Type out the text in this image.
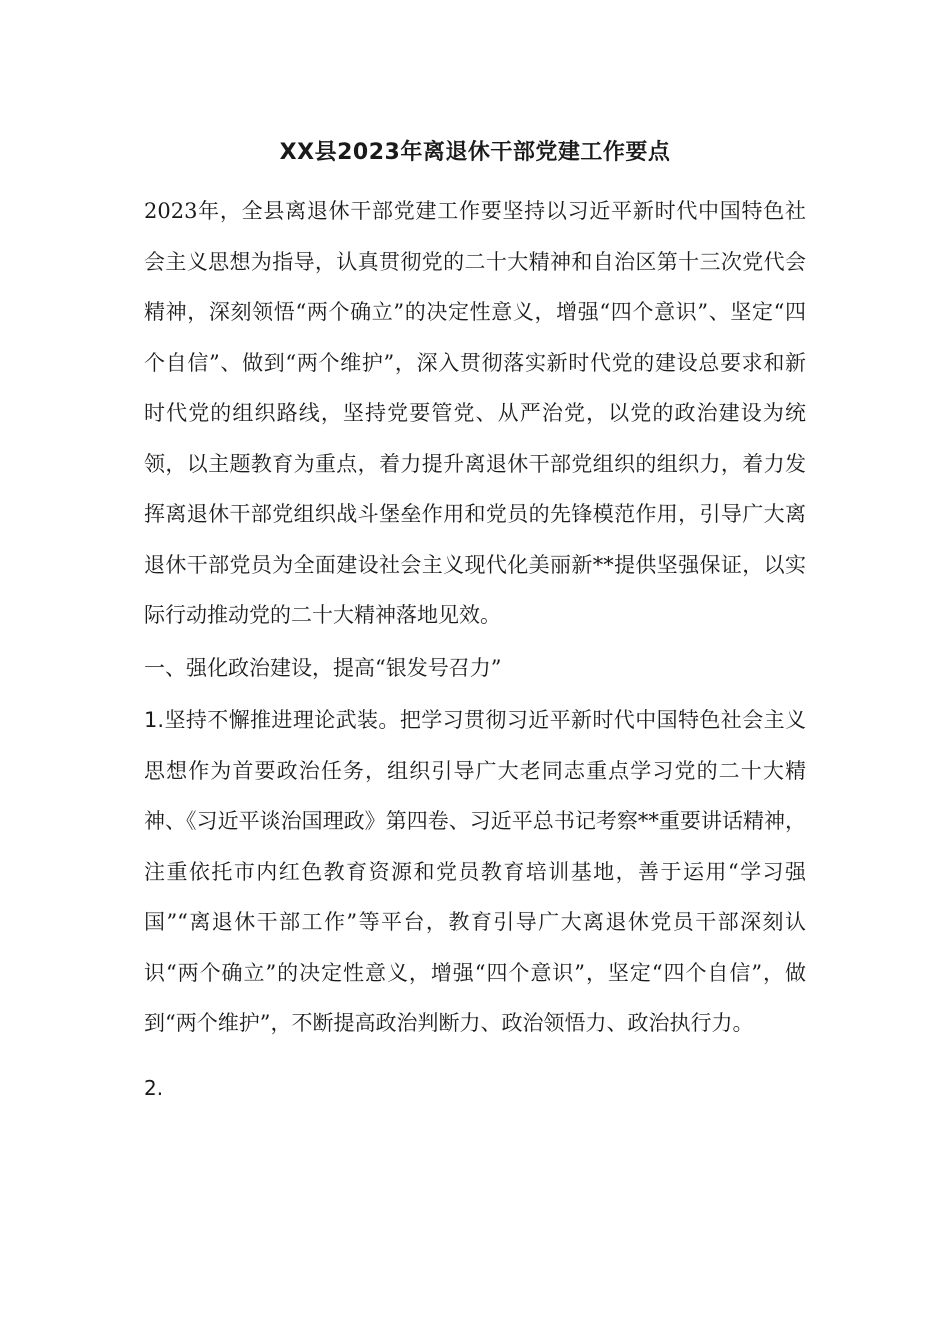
XX县2023年离退休干部党建工作要点

2023年，全县离退休干部党建工作要坚持以习近平新时代中国特色社会主义思想为指导，认真贯彻党的二十大精神和自治区第十三次党代会精神，深刻领悟“两个确立”的决定性意义，增强“四个意识”、坚定“四个自信”、做到“两个维护”，深入贯彻落实新时代党的建设总要求和新时代党的组织路线，坚持党要管党、从严治党，以党的政治建设为统领，以主题教育为重点，着力提升离退休干部党组织的组织力，着力发挥离退休干部党组织战斗堡垒作用和党员的先锋模范作用，引导广大离退休干部党员为全面建设社会主义现代化美丽新**提供坚强保证，以实际行动推动党的二十大精神落地见效。

一、强化政治建设，提高“银发号召力”

1.坚持不懈推进理论武装。把学习贯彻习近平新时代中国特色社会主义思想作为首要政治任务，组织引导广大老同志重点学习党的二十大精神、《习近平谈治国理政》第四卷、习近平总书记考察**重要讲话精神，注重依托市内红色教育资源和党员教育培训基地，善于运用“学习强国”“离退休干部工作”等平台，教育引导广大离退休党员干部深刻认识“两个确立”的决定性意义，增强“四个意识”，坚定“四个自信”，做到“两个维护”，不断提高政治判断力、政治领悟力、政治执行力。

2.
